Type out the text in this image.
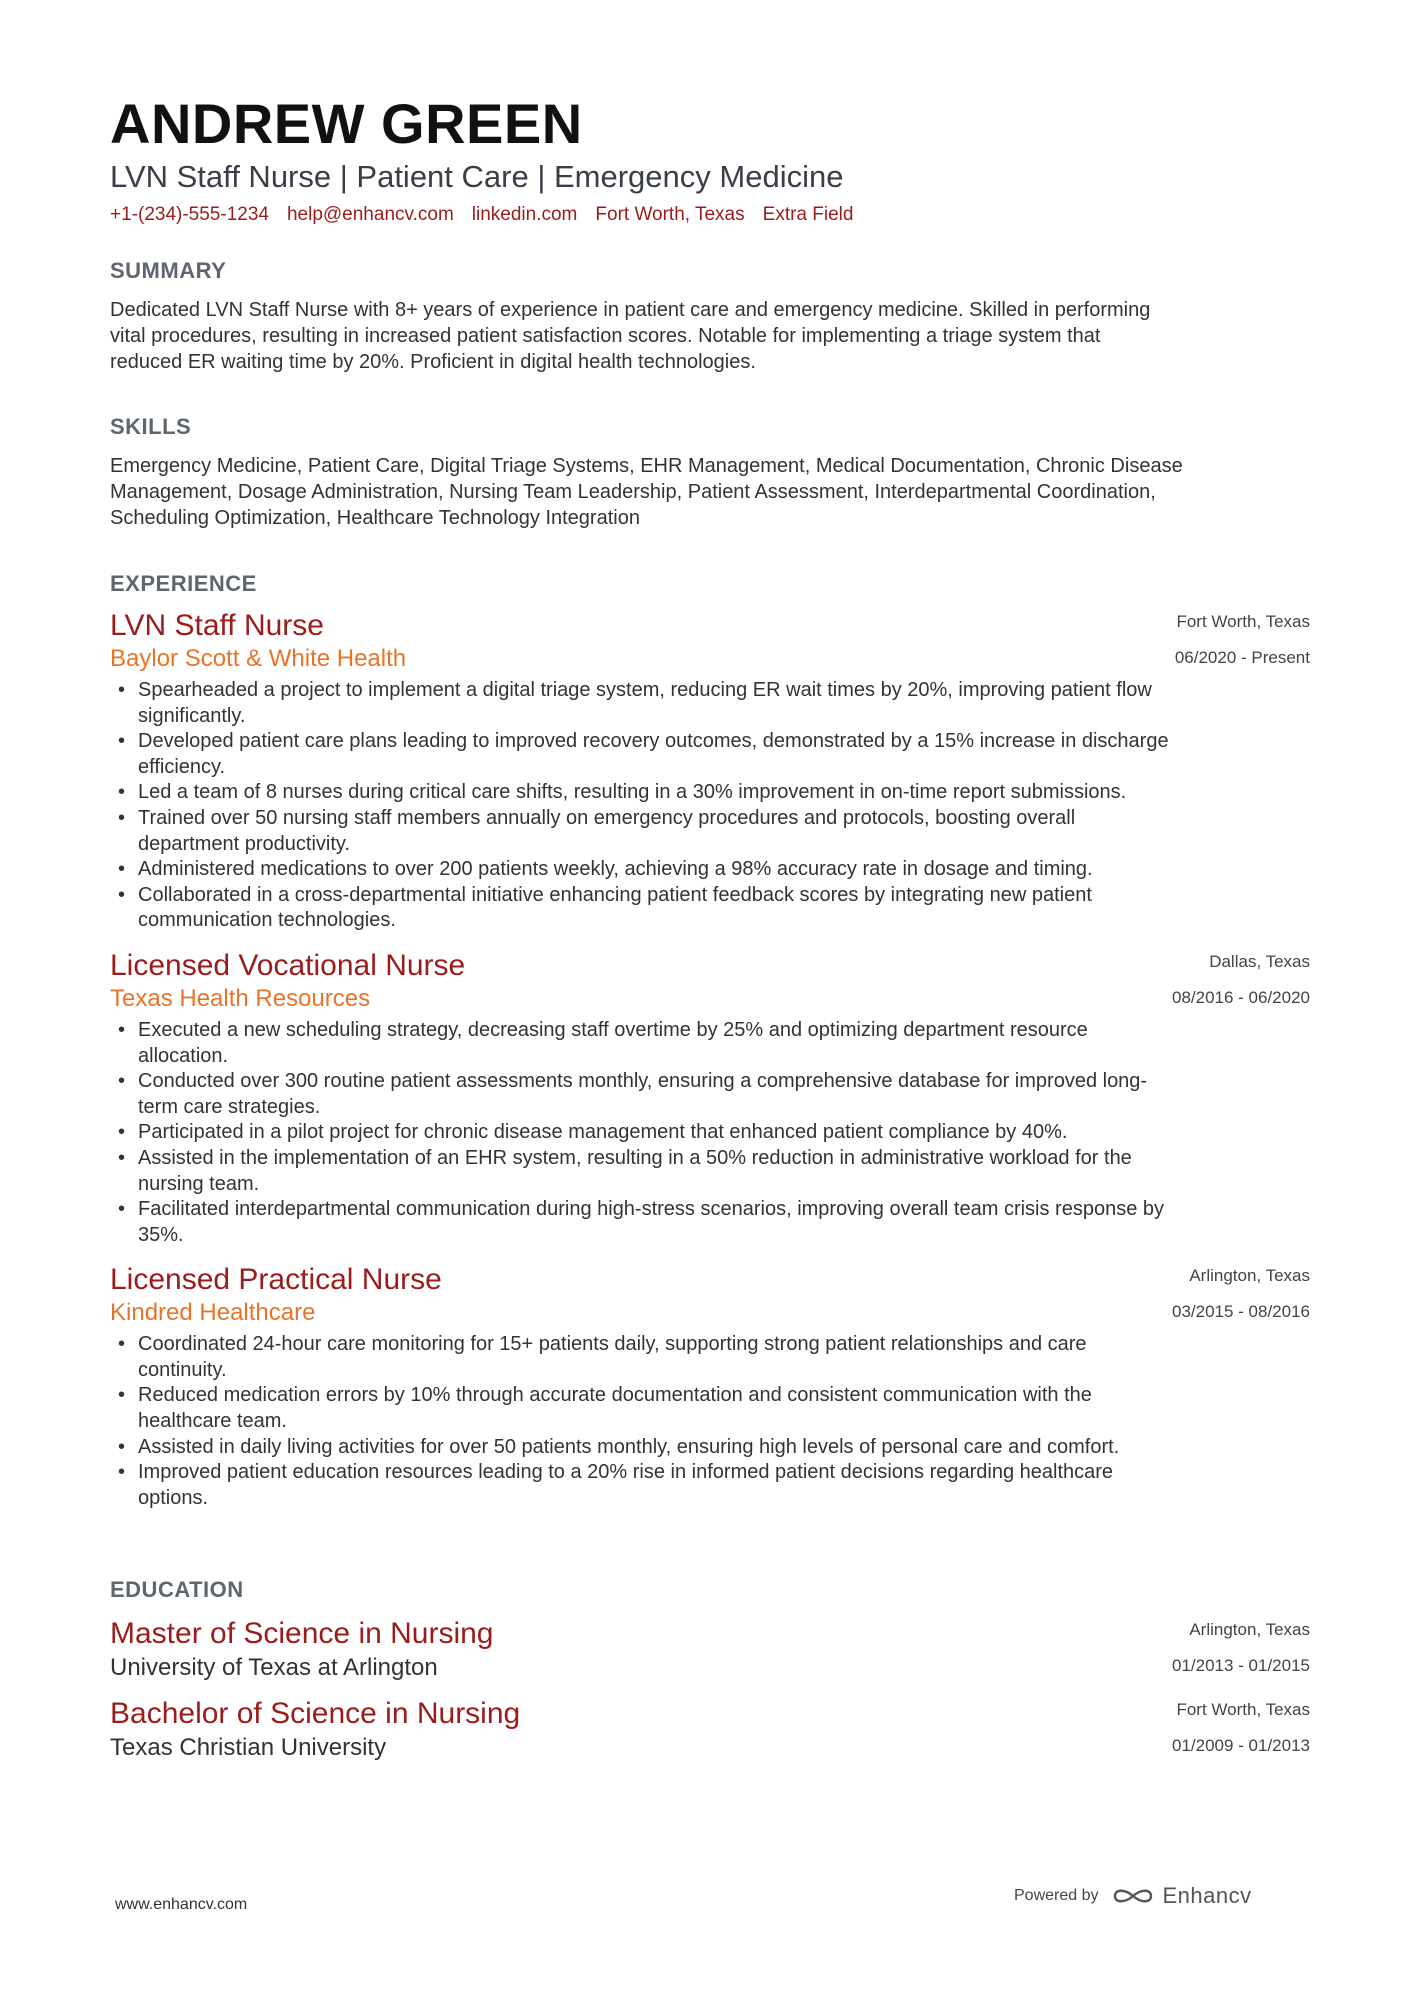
ANDREW GREEN
LVN Staff Nurse | Patient Care | Emergency Medicine
+1-(234)-555-1234 help@enhancv.com linkedin.com Fort Worth, Texas Extra Field
SUMMARY

Dedicated LVN Staff Nurse with 8+ years of experience in patient care and emergency medicine. Skilled in performing
vital procedures, resulting in increased patient satisfaction scores. Notable for implementing a triage system that
reduced ER waiting time by 20%. Proficient in digital health technologies.

SKILLS

Emergency Medicine, Patient Care, Digital Triage Systems, EHR Management, Medical Documentation, Chronic Disease
Management, Dosage Administration, Nursing Team Leadership, Patient Assessment, Interdepartmental Coordination,
Scheduling Optimization, Healthcare Technology Integration

EXPERIENCE
LVN Staff Nurse
Baylor Scott & White Health
Fort Worth, Texas
06/2020 - Present
• Spearheaded a project to implement a digital triage system, reducing ER wait times by 20%, improving patient flow
significantly.
• Developed patient care plans leading to improved recovery outcomes, demonstrated by a 15% increase in discharge
efficiency.
• Led a team of 8 nurses during critical care shifts, resulting in a 30% improvement in on-time report submissions.
• Trained over 50 nursing staff members annually on emergency procedures and protocols, boosting overall
department productivity.
• Administered medications to over 200 patients weekly, achieving a 98% accuracy rate in dosage and timing.
• Collaborated in a cross-departmental initiative enhancing patient feedback scores by integrating new patient
communication technologies.
Licensed Vocational Nurse
Texas Health Resources
Dallas, Texas
08/2016 - 06/2020
• Executed a new scheduling strategy, decreasing staff overtime by 25% and optimizing department resource
allocation.
• Conducted over 300 routine patient assessments monthly, ensuring a comprehensive database for improved long-
term care strategies.
• Participated in a pilot project for chronic disease management that enhanced patient compliance by 40%.
• Assisted in the implementation of an EHR system, resulting in a 50% reduction in administrative workload for the
nursing team.
• Facilitated interdepartmental communication during high-stress scenarios, improving overall team crisis response by
35%.
Licensed Practical Nurse
Kindred Healthcare
Arlington, Texas
03/2015 - 08/2016
• Coordinated 24-hour care monitoring for 15+ patients daily, supporting strong patient relationships and care
continuity.
• Reduced medication errors by 10% through accurate documentation and consistent communication with the
healthcare team.
• Assisted in daily living activities for over 50 patients monthly, ensuring high levels of personal care and comfort.
• Improved patient education resources leading to a 20% rise in informed patient decisions regarding healthcare
options.
EDUCATION
Master of Science in Nursing
University of Texas at Arlington
Arlington, Texas
01/2013 - 01/2015
Bachelor of Science in Nursing
Texas Christian University
Fort Worth, Texas
01/2009 - 01/2013
www.enhancv.com
Powered by	Enhancv
